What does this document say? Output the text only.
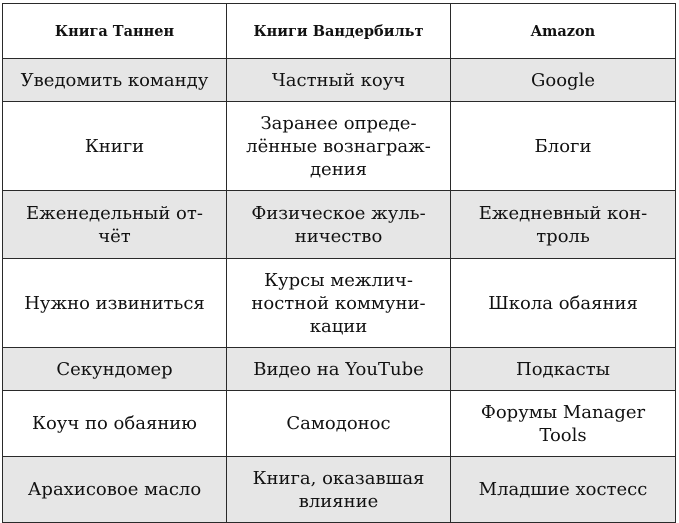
Книга Таннен	Книги Вандербильт	Amazon
Уведомить команду	Частный коуч	Google
Книги	Заранее определённые вознаграждения	Блоги
Еженедельный отчёт	Физическое жульничество	Ежедневный контроль
Нужно извиниться	Курсы межличностной коммуникации	Школа обаяния
Секундомер	Видео на YouTube	Подкасты
Коуч по обаянию	Самодонос	Форумы Manager Tools
Арахисовое масло	Книга, оказавшая влияние	Младшие хостесс
